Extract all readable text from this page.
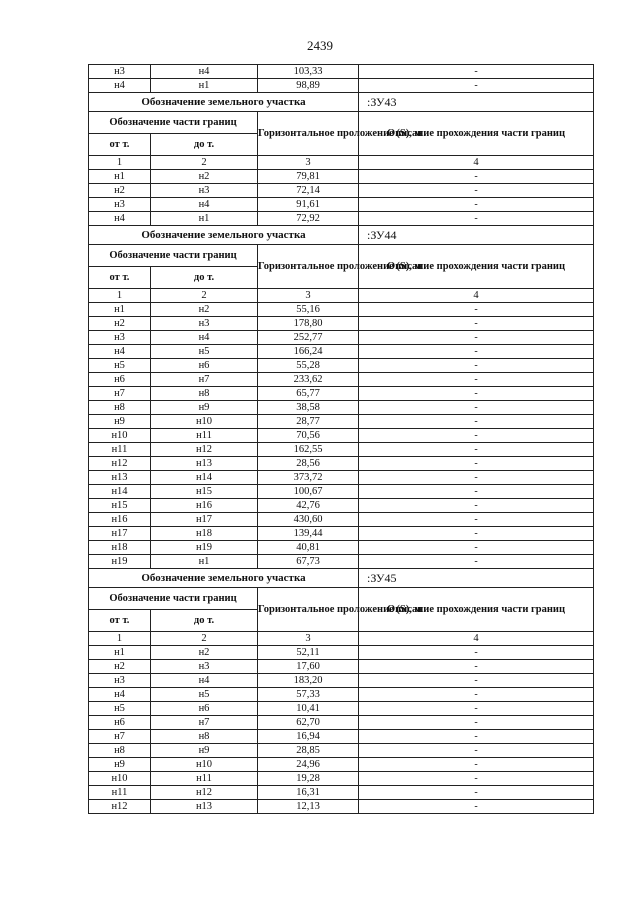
2439
н3	н4	103,33	-
н4	н1	98,89	-
Обозначение земельного участка			:ЗУ43
Обозначение части границ		Горизонтальное проложение (S), м	Описание прохождения части границ
от т.	до т.		
1	2	3	4
н1	н2	79,81	-
н2	н3	72,14	-
н3	н4	91,61	-
н4	н1	72,92	-
Обозначение земельного участка			:ЗУ44
Обозначение части границ		Горизонтальное проложение (S), м	Описание прохождения части границ
от т.	до т.		
1	2	3	4
н1	н2	55,16	-
н2	н3	178,80	-
н3	н4	252,77	-
н4	н5	166,24	-
н5	н6	55,28	-
н6	н7	233,62	-
н7	н8	65,77	-
н8	н9	38,58	-
н9	н10	28,77	-
н10	н11	70,56	-
н11	н12	162,55	-
н12	н13	28,56	-
н13	н14	373,72	-
н14	н15	100,67	-
н15	н16	42,76	-
н16	н17	430,60	-
н17	н18	139,44	-
н18	н19	40,81	-
н19	н1	67,73	-
Обозначение земельного участка			:ЗУ45
Обозначение части границ		Горизонтальное проложение (S), м	Описание прохождения части границ
от т.	до т.		
1	2	3	4
н1	н2	52,11	-
н2	н3	17,60	-
н3	н4	183,20	-
н4	н5	57,33	-
н5	н6	10,41	-
н6	н7	62,70	-
н7	н8	16,94	-
н8	н9	28,85	-
н9	н10	24,96	-
н10	н11	19,28	-
н11	н12	16,31	-
н12	н13	12,13	-
